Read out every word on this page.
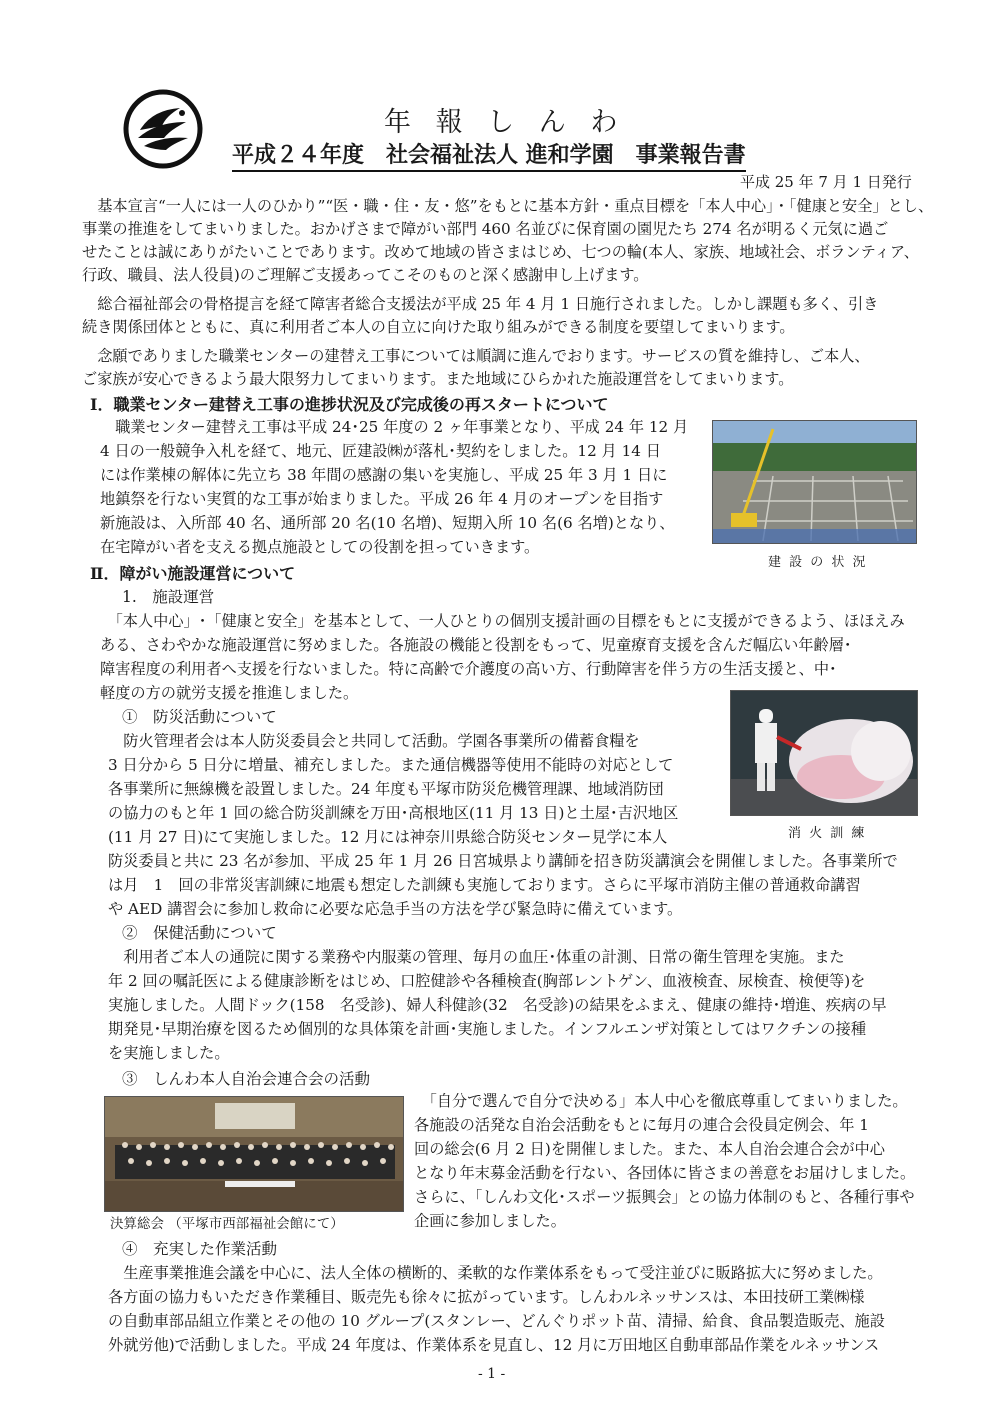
年 報 し ん わ
平成２４年度　社会福祉法人 進和学園　事業報告書
平成 25 年 7 月 1 日発行
　基本宣言“一人には一人のひかり”“医・職・住・友・悠”をもとに基本方針・重点目標を「本人中心」・「健康と安全」とし、
事業の推進をしてまいりました。おかげさまで障がい部門 460 名並びに保育園の園児たち 274 名が明るく元気に過ご
せたことは誠にありがたいことであります。改めて地域の皆さまはじめ、七つの輪(本人、家族、地域社会、ボランティア、
行政、職員、法人役員)のご理解ご支援あってこそのものと深く感謝申し上げます。
　総合福祉部会の骨格提言を経て障害者総合支援法が平成 25 年 4 月 1 日施行されました。しかし課題も多く、引き
続き関係団体とともに、真に利用者ご本人の自立に向けた取り組みができる制度を要望してまいります。
　念願でありました職業センターの建替え工事については順調に進んでおります。サービスの質を維持し、ご本人、
ご家族が安心できるよう最大限努力してまいります。また地域にひらかれた施設運営をしてまいります。
Ⅰ．職業センター建替え工事の進捗状況及び完成後の再スタートについて
　職業センター建替え工事は平成 24･25 年度の 2 ヶ年事業となり、平成 24 年 12 月
4 日の一般競争入札を経て、地元、匠建設㈱が落札･契約をしました。12 月 14 日
には作業棟の解体に先立ち 38 年間の感謝の集いを実施し、平成 25 年 3 月 1 日に
地鎮祭を行ない実質的な工事が始まりました。平成 26 年 4 月のオープンを目指す
新施設は、入所部 40 名、通所部 20 名(10 名増)、短期入所 10 名(6 名増)となり、
在宅障がい者を支える拠点施設としての役割を担っていきます。
建 設 の 状 況
Ⅱ．障がい施設運営について
1.　施設運営
　「本人中心」･「健康と安全」を基本として、一人ひとりの個別支援計画の目標をもとに支援ができるよう、ほほえみ
ある、さわやかな施設運営に努めました。各施設の機能と役割をもって、児童療育支援を含んだ幅広い年齢層･
障害程度の利用者へ支援を行ないました。特に高齢で介護度の高い方、行動障害を伴う方の生活支援と、中･
軽度の方の就労支援を推進しました。
①　防災活動について
　防火管理者会は本人防災委員会と共同して活動。学園各事業所の備蓄食糧を
3 日分から 5 日分に増量、補充しました。また通信機器等使用不能時の対応として
各事業所に無線機を設置しました。24 年度も平塚市防災危機管理課、地域消防団
の協力のもと年 1 回の総合防災訓練を万田･高根地区(11 月 13 日)と土屋･吉沢地区
(11 月 27 日)にて実施しました。12 月には神奈川県総合防災センター見学に本人
防災委員と共に 23 名が参加、平成 25 年 1 月 26 日宮城県より講師を招き防災講演会を開催しました。各事業所で
は月　1　回の非常災害訓練に地震も想定した訓練も実施しております。さらに平塚市消防主催の普通救命講習
や AED 講習会に参加し救命に必要な応急手当の方法を学び緊急時に備えています。
消 火 訓 練
②　保健活動について
　利用者ご本人の通院に関する業務や内服薬の管理、毎月の血圧･体重の計測、日常の衛生管理を実施。また
年 2 回の嘱託医による健康診断をはじめ、口腔健診や各種検査(胸部レントゲン、血液検査、尿検査、検便等)を
実施しました。人間ドック(158　名受診)、婦人科健診(32　名受診)の結果をふまえ、健康の維持･増進、疾病の早
期発見･早期治療を図るため個別的な具体策を計画･実施しました。インフルエンザ対策としてはワクチンの接種
を実施しました。
③　しんわ本人自治会連合会の活動
決算総会 （平塚市西部福祉会館にて）
　「自分で選んで自分で決める」本人中心を徹底尊重してまいりました。
各施設の活発な自治会活動をもとに毎月の連合会役員定例会、年 1
回の総会(6 月 2 日)を開催しました。また、本人自治会連合会が中心
となり年末募金活動を行ない、各団体に皆さまの善意をお届けしました。
さらに、「しんわ文化･スポーツ振興会」との協力体制のもと、各種行事や
企画に参加しました。
④　充実した作業活動
　生産事業推進会議を中心に、法人全体の横断的、柔軟的な作業体系をもって受注並びに販路拡大に努めました。
各方面の協力もいただき作業種目、販売先も徐々に拡がっています。しんわルネッサンスは、本田技研工業㈱様
の自動車部品組立作業とその他の 10 グループ(スタンレー、どんぐりポット苗、清掃、給食、食品製造販売、施設
外就労他)で活動しました。平成 24 年度は、作業体系を見直し、12 月に万田地区自動車部品作業をルネッサンス
- 1 -
